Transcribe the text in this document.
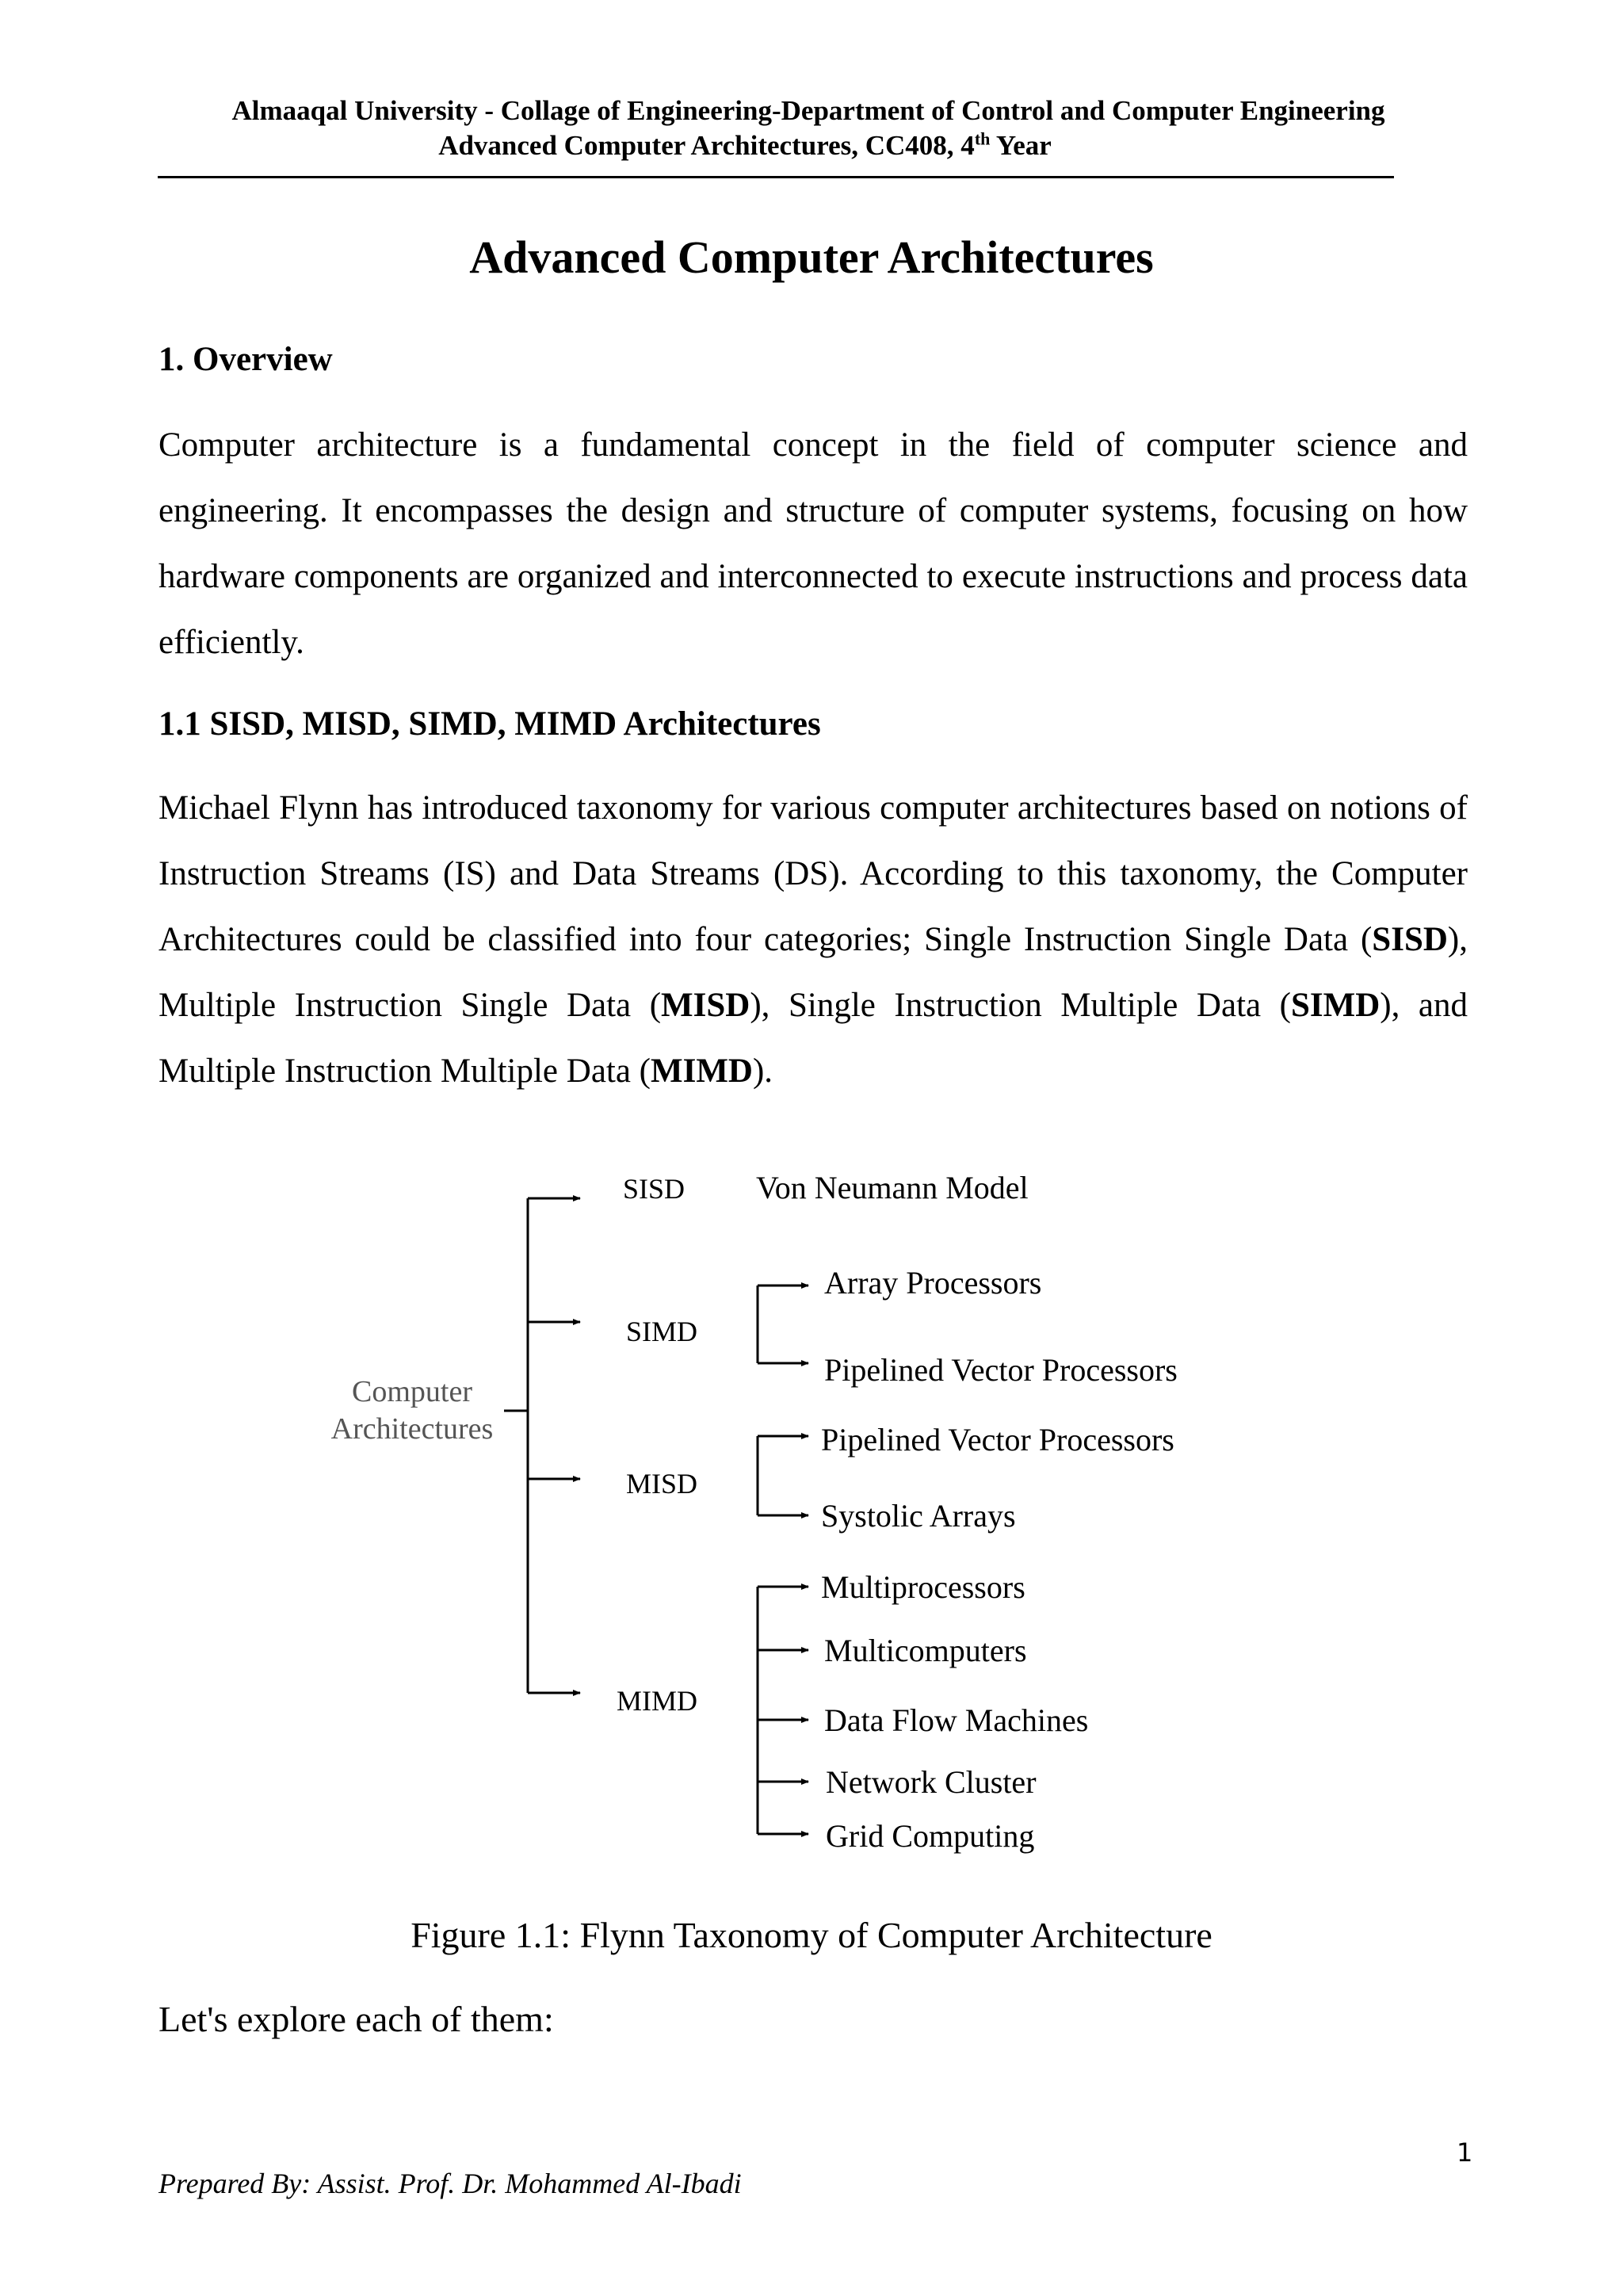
Almaaqal University - Collage of Engineering-Department of Control and Computer Engineering
Advanced Computer Architectures, CC408, 4th Year
Advanced Computer Architectures
1. Overview
Computer architecture is a fundamental concept in the field of computer science and engineering. It encompasses the design and structure of computer systems, focusing on how hardware components are organized and interconnected to execute instructions and process data efficiently.
1.1 SISD, MISD, SIMD, MIMD Architectures
Michael Flynn has introduced taxonomy for various computer architectures based on notions of Instruction Streams (IS) and Data Streams (DS). According to this taxonomy, the Computer Architectures could be classified into four categories; Single Instruction Single Data (SISD), Multiple Instruction Single Data (MISD), Single Instruction Multiple Data (SIMD), and Multiple Instruction Multiple Data (MIMD).
Computer
Architectures
SISD Von Neumann Model
SIMD
MISD
MIMD
Array Processors
Pipelined Vector Processors
Pipelined Vector Processors
Systolic Arrays
Multiprocessors
Multicomputers
Data Flow Machines
Network Cluster
Grid Computing
Figure 1.1: Flynn Taxonomy of Computer Architecture
Let's explore each of them:
1
Prepared By: Assist. Prof. Dr. Mohammed Al-Ibadi
